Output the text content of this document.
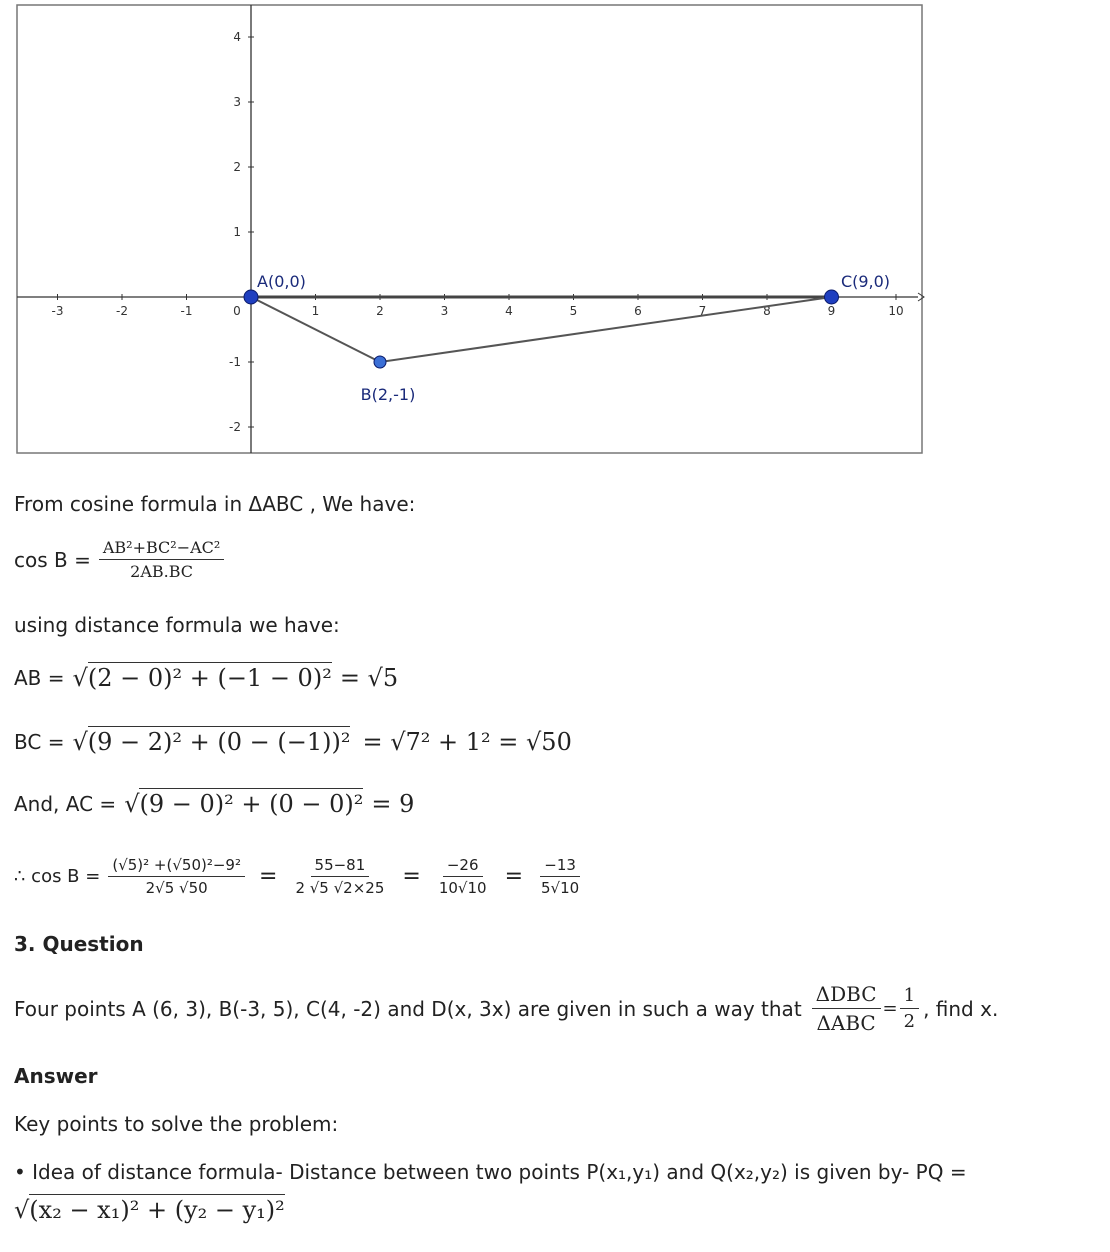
-3	-2	-1	0	1	2	3	4	5	6	7	8	9	10
4
3
2
1
-1
-2
A(0,0)
B(2,-1)
C(9,0)
From cosine formula in ΔABC , We have:
$\cos B = \frac{\text{AB²+BC²−AC²}}{2AB.BC}$
using distance formula we have:
AB = √(2 − 0)² + (−1 − 0)² = √5
BC = √(9 − 2)² + (0 − (−1))² = √7² + 1² = √50
And, AC = √(9 − 0)² + (0 − 0)² = 9
∴ $\cos B = \frac{\text{(√5)² +(√50)²−9²}}{2√5 √50} = \frac{55-81}{2 √5 √2\times 25} = \frac{-26}{10√10} = \frac{-13}{5√10}$
3. Question
Four points A (6, 3), B(-3, 5), C(4, -2) and D(x, 3x) are given in such a way that $\frac{\text{ΔDBC}}{\text{ΔABC}} = \frac{1}{2}$ , find x.
Answer
Key points to solve the problem:
• Idea of distance formula- Distance between two points P(x₁,y₁) and Q(x₂,y₂) is given by- PQ =
√(x₂ − x₁)² + (y₂ − y₁)²
